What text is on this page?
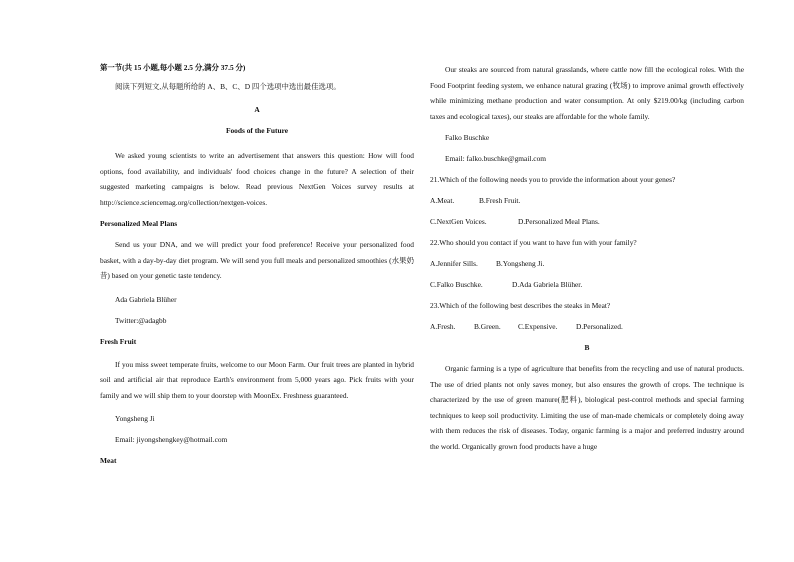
第一节(共 15 小题,每小题 2.5 分,满分 37.5 分)

阅读下列短文,从每题所给的 A、B、C、D 四个选项中选出最佳选项。

A

Foods of the Future

We asked young scientists to write an advertisement that answers this question: How will food options, food availability, and individuals' food choices change in the future? A selection of their suggested marketing campaigns is below. Read previous NextGen Voices survey results at http://science.sciencemag.org/collection/nextgen-voices.

Personalized Meal Plans

Send us your DNA, and we will predict your food preference! Receive your personalized food basket, with a day-by-day diet program. We will send you full meals and personalized smoothies (水果奶昔) based on your genetic taste tendency.

Ada Gabriela Blüher

Twitter:@adagbb

Fresh Fruit

If you miss sweet temperate fruits, welcome to our Moon Farm. Our fruit trees are planted in hybrid soil and artificial air that reproduce Earth's environment from 5,000 years ago. Pick fruits with your family and we will ship them to your doorstep with MoonEx. Freshness guaranteed.

Yongsheng Ji

Email: jiyongshengkey@hotmail.com

Meat

Our steaks are sourced from natural grasslands, where cattle now fill the ecological roles. With the Food Footprint feeding system, we enhance natural grazing (牧场) to improve animal growth effectively while minimizing methane production and water consumption. At only $219.00/kg (including carbon taxes and ecological taxes), our steaks are affordable for the whole family.

Falko Buschke

Email: falko.buschke@gmail.com

21.Which of the following needs you to provide the information about your genes?

A.Meat.	B.Fresh Fruit.

C.NextGen Voices.	D.Personalized Meal Plans.

22.Who should you contact if you want to have fun with your family?

A.Jennifer Sills. B.Yongsheng Ji.

C.Falko Buschke.	D.Ada Gabriela Blüher.

23.Which of the following best describes the steaks in Meat?

A.Fresh.	B.Green. C.Expensive.	D.Personalized.

B

Organic farming is a type of agriculture that benefits from the recycling and use of natural products. The use of dried plants not only saves money, but also ensures the growth of crops. The technique is characterized by the use of green manure(肥料), biological pest-control methods and special farming techniques to keep soil productivity. Limiting the use of man-made chemicals or completely doing away with them reduces the risk of diseases. Today, organic farming is a major and preferred industry around the world. Organically grown food products have a huge
